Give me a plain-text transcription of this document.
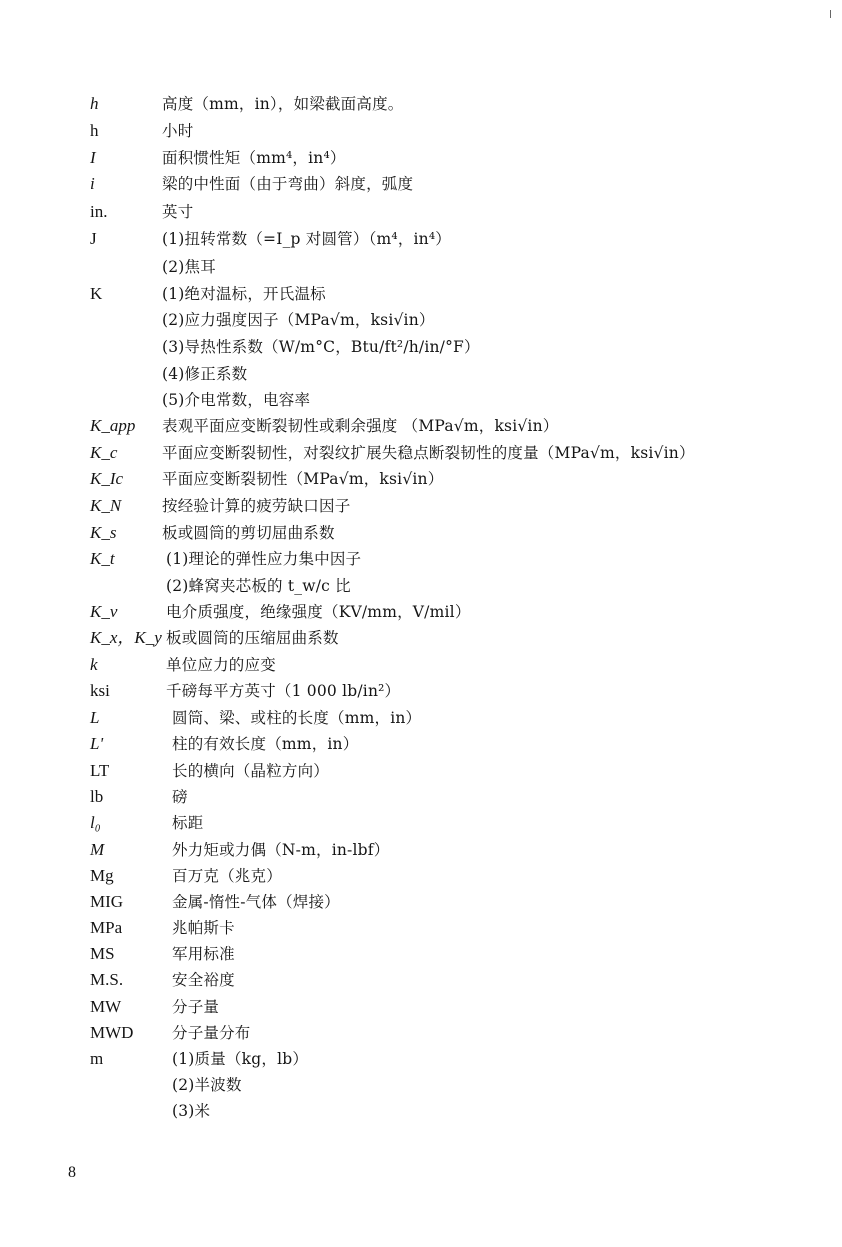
h	高度（mm，in），如梁截面高度。
h	小时
I	面积惯性矩（mm⁴，in⁴）
i	梁的中性面（由于弯曲）斜度，弧度
in.	英寸
J	(1)扭转常数（=I_p 对圆管）（m⁴，in⁴）
(2)焦耳
K	(1)绝对温标，开氏温标
(2)应力强度因子（MPa√m，ksi√in）
(3)导热性系数（W/m°C，Btu/ft²/h/in/°F）
(4)修正系数
(5)介电常数，电容率
K_app 表观平面应变断裂韧性或剩余强度 （MPa√m，ksi√in）
K_c	平面应变断裂韧性，对裂纹扩展失稳点断裂韧性的度量（MPa√m，ksi√in）
K_Ic	平面应变断裂韧性（MPa√m，ksi√in）
K_N	按经验计算的疲劳缺口因子
K_s	板或圆筒的剪切屈曲系数
K_t	(1)理论的弹性应力集中因子
(2)蜂窝夹芯板的 t_w/c 比
K_v	电介质强度，绝缘强度（KV/mm，V/mil）
K_x，K_y 板或圆筒的压缩屈曲系数
k	单位应力的应变
ksi	千磅每平方英寸（1 000 lb/in²）
L	圆筒、梁、或柱的长度（mm，in）
L'	柱的有效长度（mm，in）
LT	长的横向（晶粒方向）
lb	磅
l₀	标距
M	外力矩或力偶（N-m，in-lbf）
Mg	百万克（兆克）
MIG	金属-惰性-气体（焊接）
MPa	兆帕斯卡
MS	军用标准
M.S.	安全裕度
MW	分子量
MWD 分子量分布
m	(1)质量（kg，lb）
(2)半波数
(3)米
8
